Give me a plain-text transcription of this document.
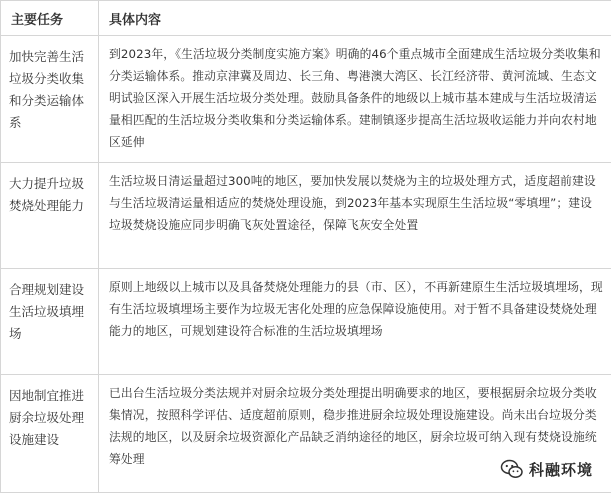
主要任务	具体内容
加快完善生活垃圾分类收集和分类运输体系	到2023年，《生活垃圾分类制度实施方案》明确的46个重点城市全面建成生活垃圾分类收集和分类运输体系。推动京津冀及周边、长三角、粤港澳大湾区、长江经济带、黄河流域、生态文明试验区深入开展生活垃圾分类处理。鼓励具备条件的地级以上城市基本建成与生活垃圾清运量相匹配的生活垃圾分类收集和分类运输体系。建制镇逐步提高生活垃圾收运能力并向农村地区延伸
大力提升垃圾焚烧处理能力	生活垃圾日清运量超过300吨的地区，要加快发展以焚烧为主的垃圾处理方式，适度超前建设与生活垃圾清运量相适应的焚烧处理设施，到2023年基本实现原生生活垃圾“零填埋”；建设垃圾焚烧设施应同步明确飞灰处置途径，保障飞灰安全处置
合理规划建设生活垃圾填埋场	原则上地级以上城市以及具备焚烧处理能力的县（市、区），不再新建原生生活垃圾填埋场，现有生活垃圾填埋场主要作为垃圾无害化处理的应急保障设施使用。对于暂不具备建设焚烧处理能力的地区，可规划建设符合标准的生活垃圾填埋场
因地制宜推进厨余垃圾处理设施建设	已出台生活垃圾分类法规并对厨余垃圾分类处理提出明确要求的地区，要根据厨余垃圾分类收集情况，按照科学评估、适度超前原则，稳步推进厨余垃圾处理设施建设。尚未出台垃圾分类法规的地区，以及厨余垃圾资源化产品缺乏消纳途径的地区，厨余垃圾可纳入现有焚烧设施统筹处理
科融环境
